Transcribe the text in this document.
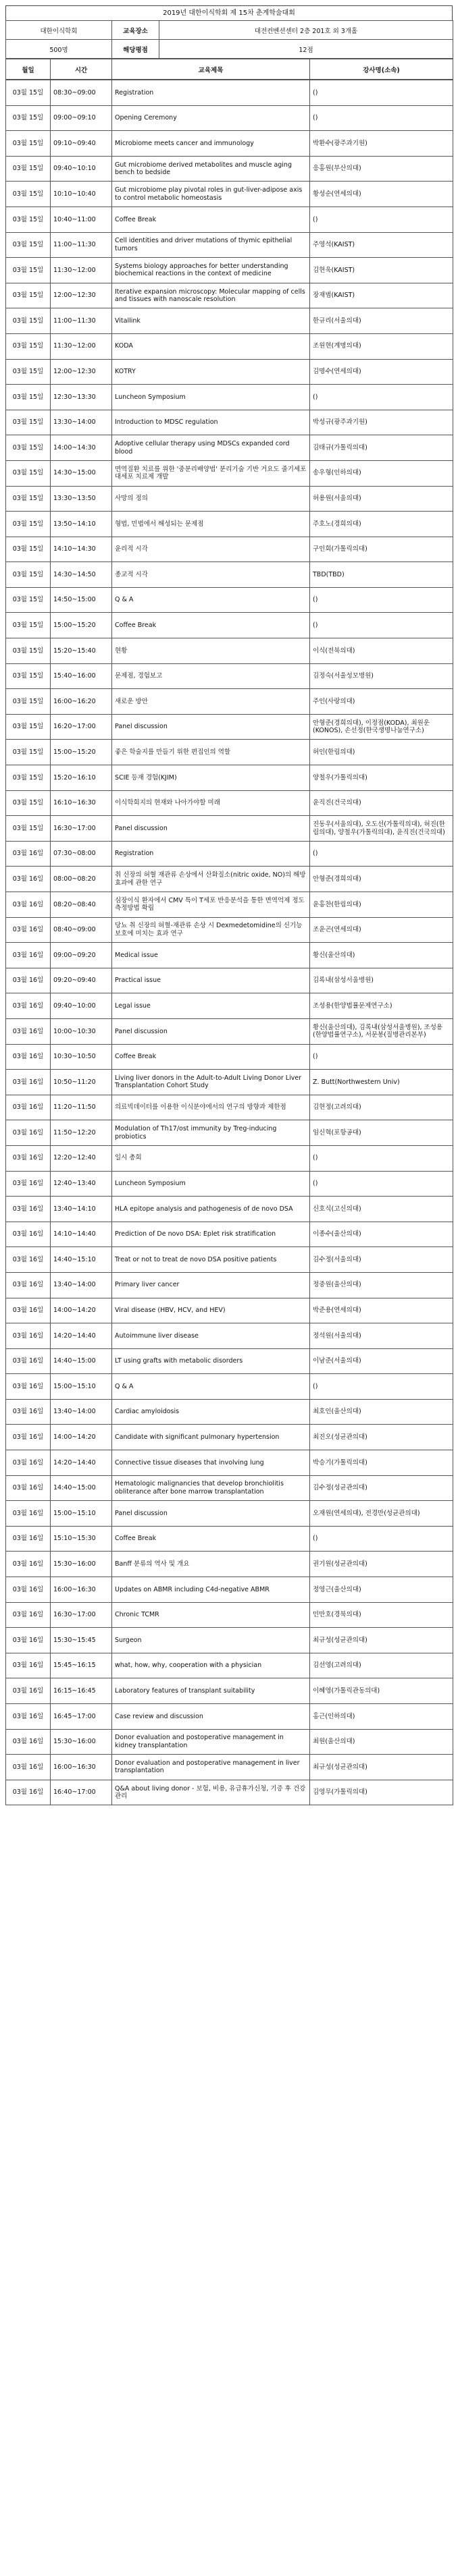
2019년 대한이식학회 제 15차 춘계학술대회
대한이식학회	교육장소	대전컨벤션센터 2층 201호 외 3개홀
500명	해당평점	12점
월일	시간	교육제목	강사명(소속)
03월 15일	08:30~09:00	Registration	()
03월 15일	09:00~09:10	Opening Ceremony	()
03월 15일	09:10~09:40	Microbiome meets cancer and immunology	박환수(광주과기원)
03월 15일	09:40~10:10	Gut microbiome derived metabolites and muscle aging bench to bedside	응홍원(부산의대)
03월 15일	10:10~10:40	Gut microbiome play pivotal roles in gut-liver-adipose axis to control metabolic homeostasis	황성순(연세의대)
03월 15일	10:40~11:00	Coffee Break	()
03월 15일	11:00~11:30	Cell identities and driver mutations of thymic epithelial tumors	주영석(KAIST)
03월 15일	11:30~12:00	Systems biology approaches for better understanding biochemical reactions in the context of medicine	김현욱(KAIST)
03월 15일	12:00~12:30	Iterative expansion microscopy: Molecular mapping of cells and tissues with nanoscale resolution	장재범(KAIST)
03월 15일	11:00~11:30	Vitallink	한규리(서울의대)
03월 15일	11:30~12:00	KODA	조원현(계명의대)
03월 15일	12:00~12:30	KOTRY	김명수(연세의대)
03월 15일	12:30~13:30	Luncheon Symposium	()
03월 15일	13:30~14:00	Introduction to MDSC regulation	박성규(광주과기원)
03월 15일	14:00~14:30	Adoptive cellular therapy using MDSCs expanded cord blood	김태규(가톨릭의대)
03월 15일	14:30~15:00	면역질환 치료를 위한 '중분리배양법' 분리기술 기반 거요도 줄기세포 대세포 치료제 개발	송우형(인하의대)
03월 15일	13:30~13:50	사망의 정의	허용원(서울의대)
03월 15일	13:50~14:10	형법, 민법에서 해성되는 문제점	주호노(경희의대)
03월 15일	14:10~14:30	윤리적 시각	구인회(가톨릭의대)
03월 15일	14:30~14:50	종교적 시각	TBD(TBD)
03월 15일	14:50~15:00	Q & A	()
03월 15일	15:00~15:20	Coffee Break	()
03월 15일	15:20~15:40	현황	이식(전북의대)
03월 15일	15:40~16:00	문제점, 경험보고	김정숙(서울성모병원)
03월 15일	16:00~16:20	새로운 방안	주인(사랑의대)
03월 15일	16:20~17:00	Panel discussion	안형준(경희의대), 이정점(KODA), 최원운(KONOS), 손선정(한국생명나눔연구소)
03월 15일	15:00~15:20	좋은 학술지를 만들기 위한 편집인의 역할	허인(한림의대)
03월 15일	15:20~16:10	SCIE 등재 경험(KJIM)	양철우(가톨릭의대)
03월 15일	16:10~16:30	이식학회지의 현재와 나아가야할 미래	윤직진(건국의대)
03월 15일	16:30~17:00	Panel discussion	진동우(서울의대), 오도선(가톨릭의대), 허진(한림의대), 양철우(가톨릭의대), 윤직진(건국의대)
03월 16일	07:30~08:00	Registration	()
03월 16일	08:00~08:20	취 신장의 허혈 재관류 손상에서 산화질소(nitric oxide, NO)의 해방 효과에 관한 연구	안형준(경희의대)
03월 16일	08:20~08:40	심장이식 환자에서 CMV 특이 T세포 반응분석을 통한 면역억제 정도 측정방법 확립	윤홍찬(한림의대)
03월 16일	08:40~09:00	당뇨 취 신장의 허혈-재관류 손상 시 Dexmedetomidine의 신기능 보호에 미치는 효과 연구	조윤곤(연세의대)
03월 16일	09:00~09:20	Medical issue	황신(울산의대)
03월 16일	09:20~09:40	Practical issue	김록내(삼성서울병원)
03월 16일	09:40~10:00	Legal issue	조성용(한양법률문제연구소)
03월 16일	10:00~10:30	Panel discussion	황신(울산의대), 김록내(삼성서울병원), 조성용(한양법률연구소), 서문봉(질병관리본부)
03월 16일	10:30~10:50	Coffee Break	()
03월 16일	10:50~11:20	Living liver donors in the Adult-to-Adult Living Donor Liver Transplantation Cohort Study	Z. Butt(Northwestern Univ)
03월 16일	11:20~11:50	의료빅데이터를 이용한 이식분야에서의 연구의 방향과 제한점	김현정(고려의대)
03월 16일	11:50~12:20	Modulation of Th17/ost immunity by Treg-inducing probiotics	임신혁(포항공대)
03월 16일	12:20~12:40	일시 총회	()
03월 16일	12:40~13:40	Luncheon Symposium	()
03월 16일	13:40~14:10	HLA epitope analysis and pathogenesis of de novo DSA	신호식(고신의대)
03월 16일	14:10~14:40	Prediction of De novo DSA: Eplet risk stratification	이종수(울산의대)
03월 16일	14:40~15:10	Treat or not to treat de novo DSA positive patients	김수정(서울의대)
03월 16일	13:40~14:00	Primary liver cancer	정중원(울산의대)
03월 16일	14:00~14:20	Viral disease (HBV, HCV, and HEV)	박준용(연세의대)
03월 16일	14:20~14:40	Autoimmune liver disease	정석원(서울의대)
03월 16일	14:40~15:00	LT using grafts with metabolic disorders	이남준(서울의대)
03월 16일	15:00~15:10	Q & A	()
03월 16일	13:40~14:00	Cardiac amyloidosis	최호인(울산의대)
03월 16일	14:00~14:20	Candidate with significant pulmonary hypertension	최진오(성균관의대)
03월 16일	14:20~14:40	Connective tissue diseases that involving lung	박승기(가톨릭의대)
03월 16일	14:40~15:00	Hematologic malignancies that develop bronchiolitis obliterance after bone marrow transplantation	김수정(성균관의대)
03월 16일	15:00~15:10	Panel discussion	오재원(연세의대), 전경만(성균관의대)
03월 16일	15:10~15:30	Coffee Break	()
03월 16일	15:30~16:00	Banff 분류의 역사 및 개요	권기원(성균관의대)
03월 16일	16:00~16:30	Updates on ABMR including C4d-negative ABMR	정영근(울산의대)
03월 16일	16:30~17:00	Chronic TCMR	민만호(경북의대)
03월 16일	15:30~15:45	Surgeon	최규성(성균관의대)
03월 16일	15:45~16:15	what, how, why, cooperation with a physician	김선영(고려의대)
03월 16일	16:15~16:45	Laboratory features of transplant suitability	이혜영(가톨릭관동의대)
03월 16일	16:45~17:00	Case review and discussion	홍근(인하의대)
03월 16일	15:30~16:00	Donor evaluation and postoperative management in kidney transplantation	최원(울산의대)
03월 16일	16:00~16:30	Donor evaluation and postoperative management in liver transplantation	최규성(성균관의대)
03월 16일	16:40~17:00	Q&A about living donor - 보험, 비용, 유급휴가신청, 기증 후 건강관리	김영무(가톨릭의대)
